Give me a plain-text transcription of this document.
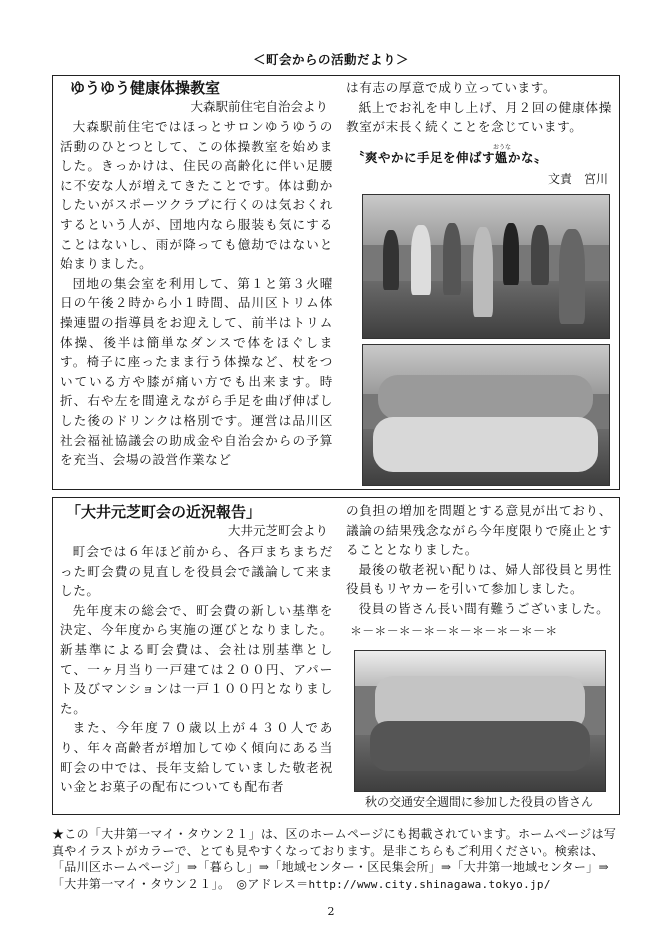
＜町会からの活動だより＞
ゆうゆう健康体操教室
大森駅前住宅自治会より

大森駅前住宅ではほっとサロンゆうゆうの活動のひとつとして、この体操教室を始めました。きっかけは、住民の高齢化に伴い足腰に不安な人が増えてきたことです。体は動かしたいがスポーツクラブに行くのは気おくれするという人が、団地内なら服装も気にすることはないし、雨が降っても億劫ではないと始まりました。

団地の集会室を利用して、第１と第３火曜日の午後２時から小１時間、品川区トリム体操連盟の指導員をお迎えして、前半はトリム体操、後半は簡単なダンスで体をほぐします。椅子に座ったまま行う体操など、杖をついている方や膝が痛い方でも出来ます。時折、右や左を間違えながら手足を曲げ伸ばしした後のドリンクは格別です。運営は品川区社会福祉協議会の助成金や自治会からの予算を充当、会場の設営作業など

は有志の厚意で成り立っています。

紙上でお礼を申し上げ、月２回の健康体操教室が末長く続くことを念じています。

おうな
〝爽やかに手足を伸ばす媼かな〟
文責　宮川
「大井元芝町会の近況報告」
大井元芝町会より

町会では６年ほど前から、各戸まちまちだった町会費の見直しを役員会で議論して来ました。

先年度末の総会で、町会費の新しい基準を決定、今年度から実施の運びとなりました。新基準による町会費は、会社は別基準として、一ヶ月当り一戸建ては２００円、アパート及びマンションは一戸１００円となりました。

また、今年度７０歳以上が４３０人であり、年々高齢者が増加してゆく傾向にある当町会の中では、長年支給していました敬老祝い金とお菓子の配布についても配布者

の負担の増加を問題とする意見が出ており、議論の結果残念ながら今年度限りで廃止とすることとなりました。

最後の敬老祝い配りは、婦人部役員と男性役員もリヤカーを引いて参加しました。

役員の皆さん長い間有難うございました。

＊－＊－＊－＊－＊－＊－＊－＊－＊
秋の交通安全週間に参加した役員の皆さん
★この「大井第一マイ・タウン２１」は、区のホームページにも掲載されています。ホームページは写真やイラストがカラーで、とても見やすくなっております。是非こちらもご利用ください。検索は、「品川区ホームページ」⇒「暮らし」⇒「地域センター・区民集会所」⇒「大井第一地域センター」⇒「大井第一マイ・タウン２１」。　◎アドレス＝http://www.city.shinagawa.tokyo.jp/
2
